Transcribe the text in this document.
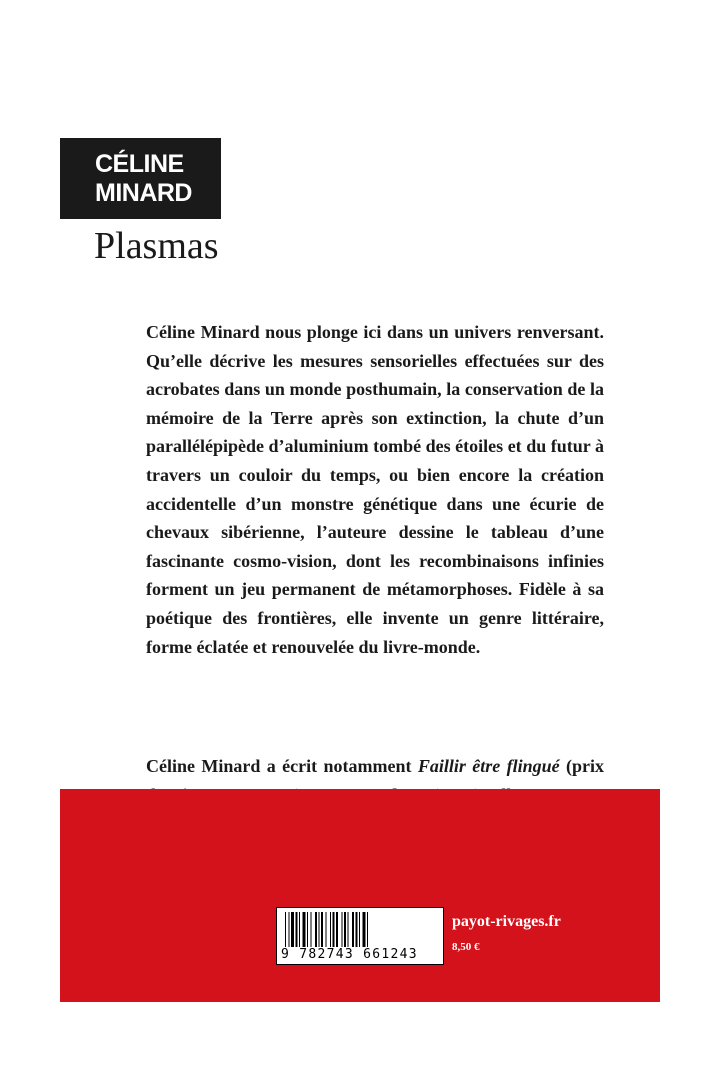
CÉLINE
MINARD
Plasmas

Céline Minard nous plonge ici dans un univers renversant. Qu’elle décrive les mesures sensorielles effectuées sur des acrobates dans un monde posthumain, la conservation de la mémoire de la Terre après son extinction, la chute d’un parallélépipède d’aluminium tombé des étoiles et du futur à travers un couloir du temps, ou bien encore la création accidentelle d’un monstre génétique dans une écurie de chevaux sibérienne, l’auteure dessine le tableau d’une fascinante cosmo-vision, dont les recombinaisons infinies forment un jeu permanent de métamorphoses. Fidèle à sa poétique des frontières, elle invente un genre littéraire, forme éclatée et renouvelée du livre-monde.

Céline Minard a écrit notamment Faillir être flingué (prix

9 782743 661243
payot-rivages.fr
8,50 €
